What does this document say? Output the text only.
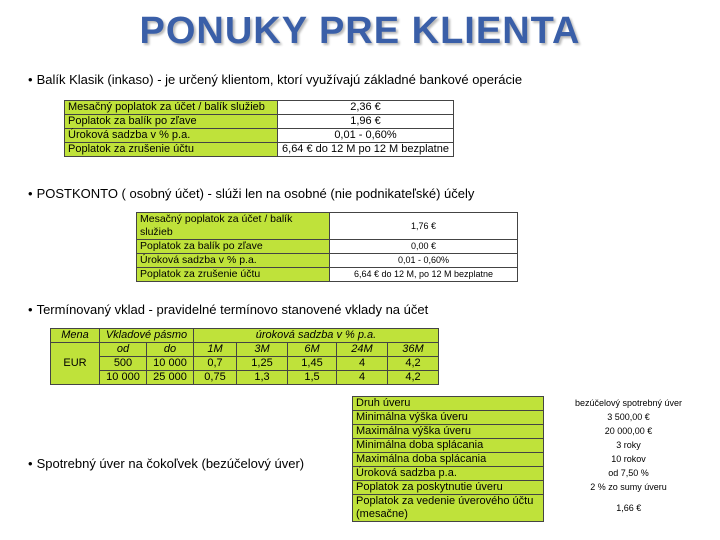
PONUKY PRE KLIENTA
• Balík Klasik (inkaso) - je určený klientom, ktorí využívajú základné bankové operácie
Mesačný poplatok za účet / balík služieb	2,36 €
Poplatok za balík po zľave	1,96 €
Úroková sadzba v % p.a.	0,01 - 0,60%
Poplatok za zrušenie účtu	6,64 € do 12 M po 12 M bezplatne
• POSTKONTO ( osobný účet) - slúži len na osobné (nie podnikateľské) účely
Mesačný poplatok za účet / balík služieb	1,76 €
Poplatok za balík po zľave	0,00 €
Úroková sadzba v % p.a.	0,01 - 0,60%
Poplatok za zrušenie účtu	6,64 € do 12 M, po 12 M bezplatne
• Termínovaný vklad - pravidelné termínovo stanovené vklady na účet
Mena	Vkladové pásmo		úroková sadzba v % p.a.				
EUR	od	do	1M	3M	6M	24M	36M
	500	10 000	0,7	1,25	1,45	4	4,2
	10 000	25 000	0,75	1,3	1,5	4	4,2
• Spotrebný úver na čokoľvek (bezúčelový úver)
Druh úveru	bezúčelový spotrebný úver
Minimálna výška úveru	3 500,00 €
Maximálna výška úveru	20 000,00 €
Minimálna doba splácania	3 roky
Maximálna doba splácania	10 rokov
Úroková sadzba p.a.	od 7,50 %
Poplatok za poskytnutie úveru	2 % zo sumy úveru
Poplatok za vedenie úverového účtu (mesačne)	1,66 €
